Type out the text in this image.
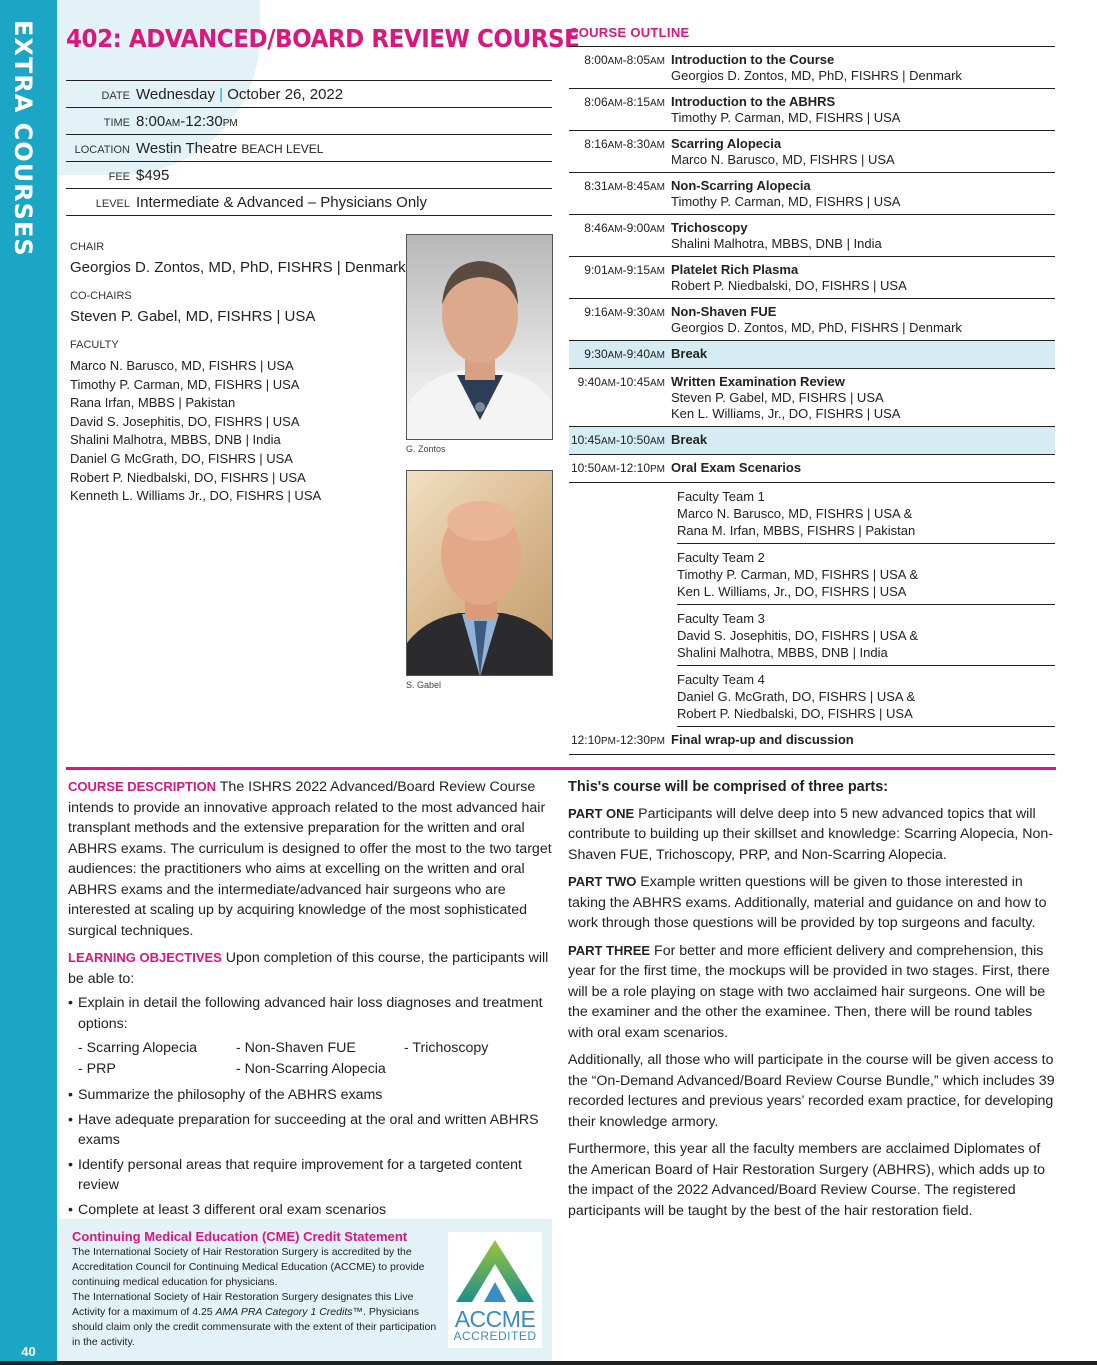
EXTRA COURSES
40
402: ADVANCED/BOARD REVIEW COURSE
DATE Wednesday | October 26, 2022
TIME 8:00AM-12:30PM
LOCATION Westin Theatre BEACH LEVEL
FEE $495
LEVEL Intermediate & Advanced – Physicians Only
CHAIR
Georgios D. Zontos, MD, PhD, FISHRS | Denmark
CO-CHAIRS
Steven P. Gabel, MD, FISHRS | USA
FACULTY
Marco N. Barusco, MD, FISHRS | USA
Timothy P. Carman, MD, FISHRS | USA
Rana Irfan, MBBS | Pakistan
David S. Josephitis, DO, FISHRS | USA
Shalini Malhotra, MBBS, DNB | India
Daniel G McGrath, DO, FISHRS | USA
Robert P. Niedbalski, DO, FISHRS | USA
Kenneth L. Williams Jr., DO, FISHRS | USA
G. Zontos
S. Gabel
COURSE OUTLINE
8:00AM-8:05AM Introduction to the Course
Georgios D. Zontos, MD, PhD, FISHRS | Denmark
8:06AM-8:15AM Introduction to the ABHRS
Timothy P. Carman, MD, FISHRS | USA
8:16AM-8:30AM Scarring Alopecia
Marco N. Barusco, MD, FISHRS | USA
8:31AM-8:45AM Non-Scarring Alopecia
Timothy P. Carman, MD, FISHRS | USA
8:46AM-9:00AM Trichoscopy
Shalini Malhotra, MBBS, DNB | India
9:01AM-9:15AM Platelet Rich Plasma
Robert P. Niedbalski, DO, FISHRS | USA
9:16AM-9:30AM Non-Shaven FUE
Georgios D. Zontos, MD, PhD, FISHRS | Denmark
9:30AM-9:40AM Break
9:40AM-10:45AM Written Examination Review
Steven P. Gabel, MD, FISHRS | USA
Ken L. Williams, Jr., DO, FISHRS | USA
10:45AM-10:50AM Break
10:50AM-12:10PM Oral Exam Scenarios
Faculty Team 1
Marco N. Barusco, MD, FISHRS | USA &
Rana M. Irfan, MBBS, FISHRS | Pakistan
Faculty Team 2
Timothy P. Carman, MD, FISHRS | USA &
Ken L. Williams, Jr., DO, FISHRS | USA
Faculty Team 3
David S. Josephitis, DO, FISHRS | USA &
Shalini Malhotra, MBBS, DNB | India
Faculty Team 4
Daniel G. McGrath, DO, FISHRS | USA &
Robert P. Niedbalski, DO, FISHRS | USA
12:10PM-12:30PM Final wrap-up and discussion

COURSE DESCRIPTION The ISHRS 2022 Advanced/Board Review Course intends to provide an innovative approach related to the most advanced hair transplant methods and the extensive preparation for the written and oral ABHRS exams. The curriculum is designed to offer the most to the two target audiences: the practitioners who aims at excelling on the written and oral ABHRS exams and the intermediate/advanced hair surgeons who are interested at scaling up by acquiring knowledge of the most sophisticated surgical techniques.

LEARNING OBJECTIVES Upon completion of this course, the participants will be able to:

• Explain in detail the following advanced hair loss diagnoses and treatment options:
- Scarring Alopecia	- Non-Shaven FUE	- Trichoscopy
- PRP	- Non-Scarring Alopecia
• Summarize the philosophy of the ABHRS exams
• Have adequate preparation for succeeding at the oral and written ABHRS exams
• Identify personal areas that require improvement for a targeted content review
• Complete at least 3 different oral exam scenarios
This's course will be comprised of three parts:

PART ONE Participants will delve deep into 5 new advanced topics that will contribute to building up their skillset and knowledge: Scarring Alopecia, Non-Shaven FUE, Trichoscopy, PRP, and Non-Scarring Alopecia.

PART TWO Example written questions will be given to those interested in taking the ABHRS exams. Additionally, material and guidance on and how to work through those questions will be provided by top surgeons and faculty.

PART THREE For better and more efficient delivery and comprehension, this year for the first time, the mockups will be provided in two stages. First, there will be a role playing on stage with two acclaimed hair surgeons. One will be the examiner and the other the examinee. Then, there will be round tables with oral exam scenarios.

Additionally, all those who will participate in the course will be given access to the “On-Demand Advanced/Board Review Course Bundle,” which includes 39 recorded lectures and previous years’ recorded exam practice, for developing their knowledge armory.

Furthermore, this year all the faculty members are acclaimed Diplomates of the American Board of Hair Restoration Surgery (ABHRS), which adds up to the impact of the 2022 Advanced/Board Review Course. The registered participants will be taught by the best of the hair restoration field.

Continuing Medical Education (CME) Credit Statement
The International Society of Hair Restoration Surgery is accredited by the Accreditation Council for Continuing Medical Education (ACCME) to provide continuing medical education for physicians.
The International Society of Hair Restoration Surgery designates this Live Activity for a maximum of 4.25 AMA PRA Category 1 Credits™. Physicians should claim only the credit commensurate with the extent of their participation in the activity.
ACCME
ACCREDITED
